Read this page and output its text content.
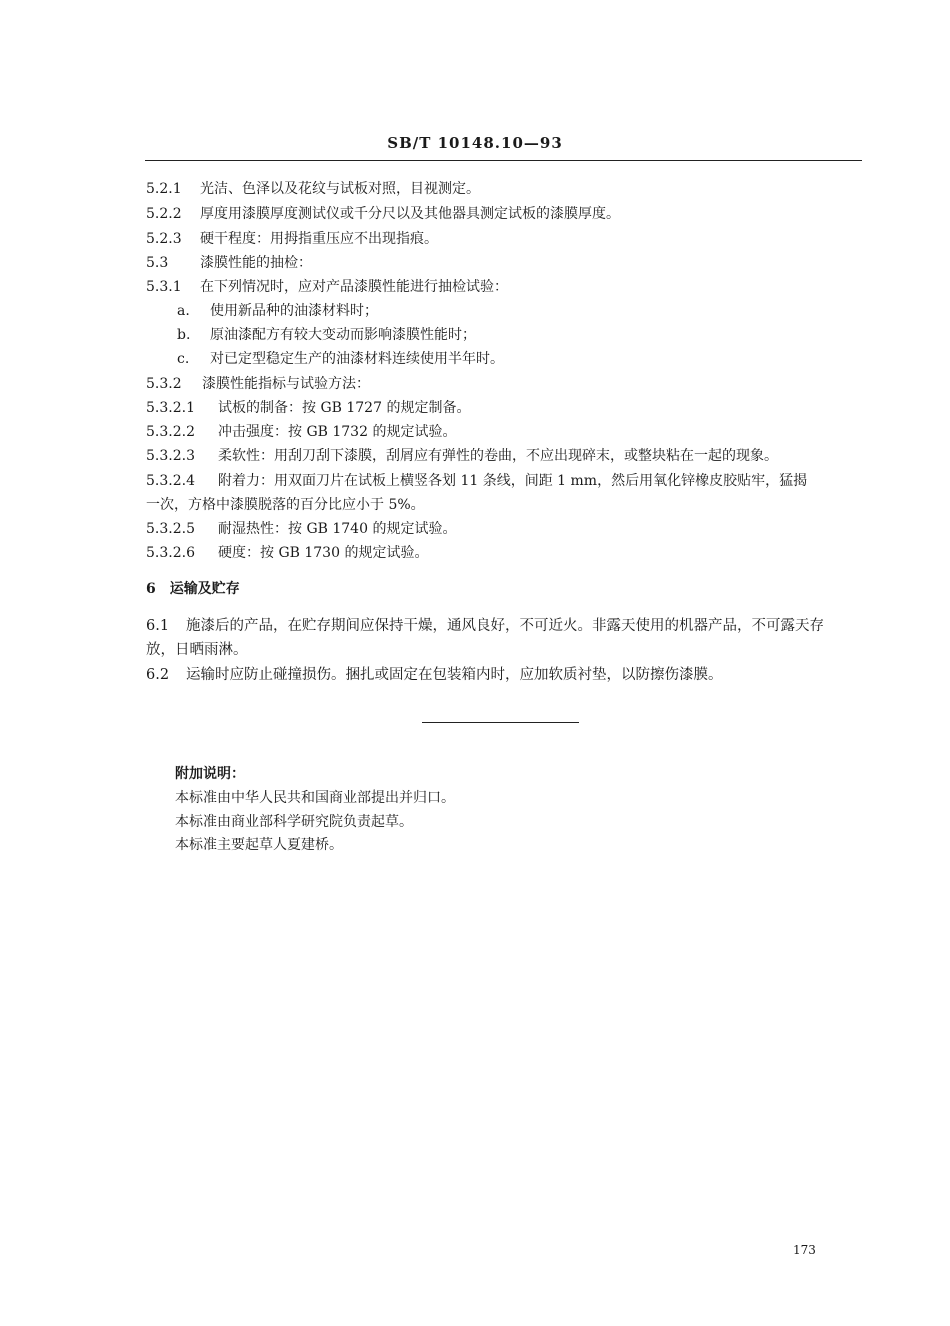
SB/T 10148.10—93
5.2.1 光洁、色泽以及花纹与试板对照，目视测定。
5.2.2 厚度用漆膜厚度测试仪或千分尺以及其他器具测定试板的漆膜厚度。
5.2.3 硬干程度：用拇指重压应不出现指痕。
5.3 漆膜性能的抽检：
5.3.1 在下列情况时，应对产品漆膜性能进行抽检试验：
a. 使用新品种的油漆材料时；
b. 原油漆配方有较大变动而影响漆膜性能时；
c. 对已定型稳定生产的油漆材料连续使用半年时。
5.3.2 漆膜性能指标与试验方法：
5.3.2.1 试板的制备：按 GB 1727 的规定制备。
5.3.2.2 冲击强度：按 GB 1732 的规定试验。
5.3.2.3 柔软性：用刮刀刮下漆膜，刮屑应有弹性的卷曲，不应出现碎末，或整块粘在一起的现象。
5.3.2.4 附着力：用双面刀片在试板上横竖各划 11 条线，间距 1 mm，然后用氧化锌橡皮胶贴牢，猛揭
一次，方格中漆膜脱落的百分比应小于 5%。
5.3.2.5 耐湿热性：按 GB 1740 的规定试验。
5.3.2.6 硬度：按 GB 1730 的规定试验。
6　运输及贮存
6.1 施漆后的产品，在贮存期间应保持干燥，通风良好，不可近火。非露天使用的机器产品，不可露天存
放，日晒雨淋。
6.2 运输时应防止碰撞损伤。捆扎或固定在包装箱内时，应加软质衬垫，以防擦伤漆膜。
附加说明：
本标准由中华人民共和国商业部提出并归口。
本标准由商业部科学研究院负责起草。
本标准主要起草人夏建桥。
173
